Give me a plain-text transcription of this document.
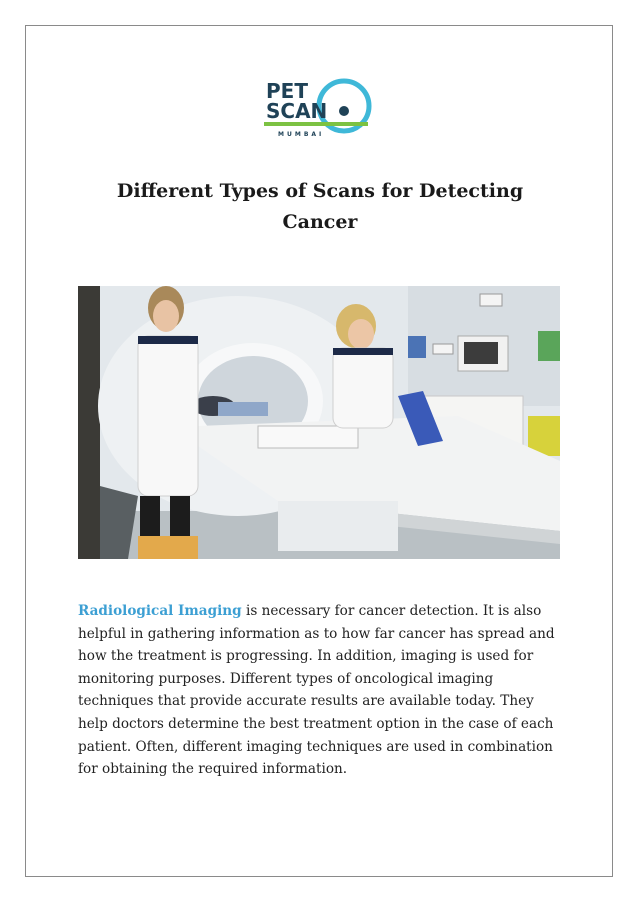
PET
SCAN
MUMBAI
Different Types of Scans for Detecting Cancer

Radiological Imaging is necessary for cancer detection. It is also helpful in gathering information as to how far cancer has spread and how the treatment is progressing. In addition, imaging is used for monitoring purposes. Different types of oncological imaging techniques that provide accurate results are available today. They help doctors determine the best treatment option in the case of each patient. Often, different imaging techniques are used in combination for obtaining the required information.
